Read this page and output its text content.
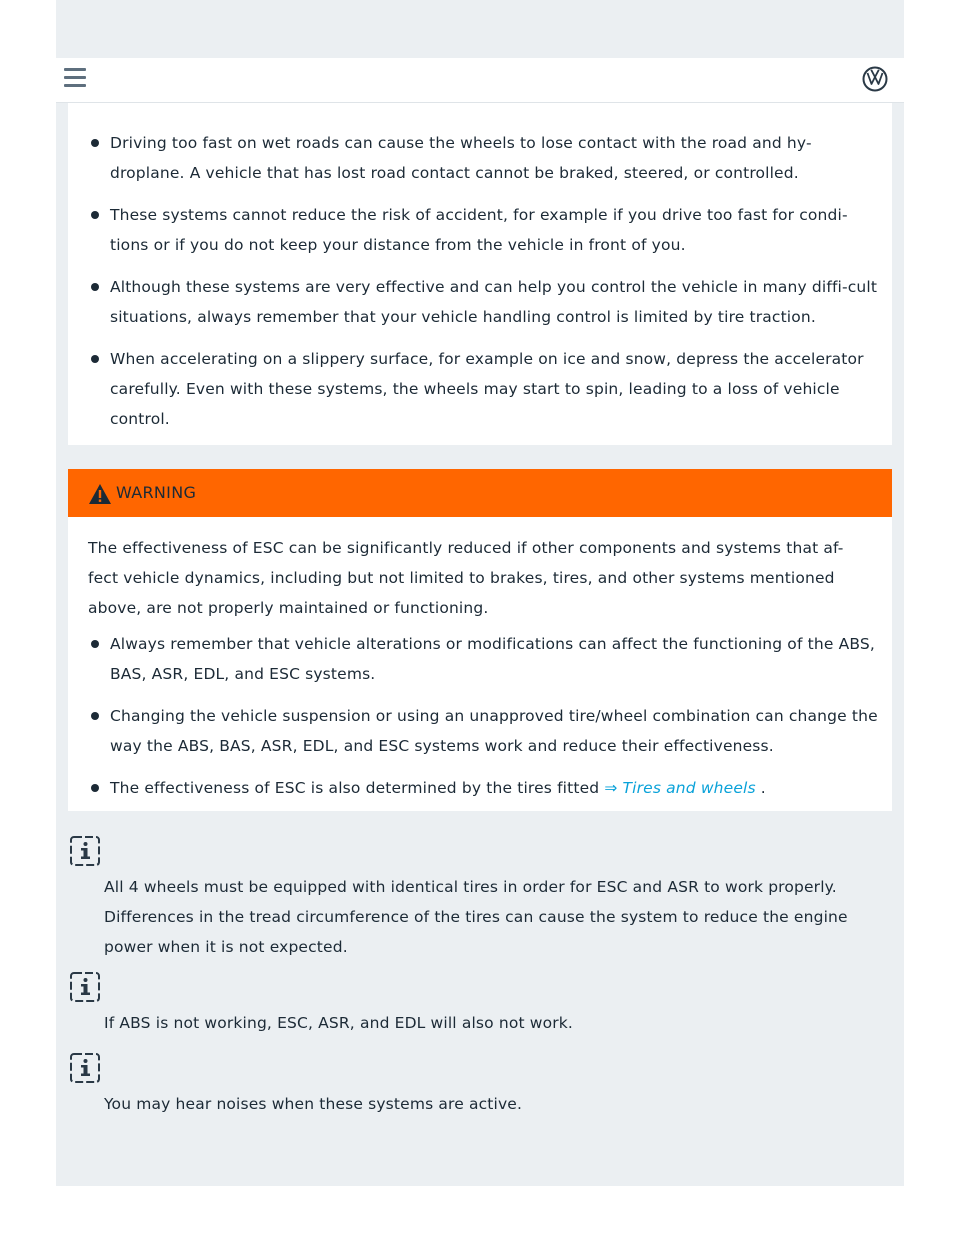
Driving too fast on wet roads can cause the wheels to lose contact with the road and hy-droplane. A vehicle that has lost road contact cannot be braked, steered, or controlled.
These systems cannot reduce the risk of accident, for example if you drive too fast for condi-tions or if you do not keep your distance from the vehicle in front of you.
Although these systems are very effective and can help you control the vehicle in many diffi-cult situations, always remember that your vehicle handling control is limited by tire traction.
When accelerating on a slippery surface, for example on ice and snow, depress the accelerator carefully. Even with these systems, the wheels may start to spin, leading to a loss of vehicle control.
WARNING
The effectiveness of ESC can be significantly reduced if other components and systems that af-fect vehicle dynamics, including but not limited to brakes, tires, and other systems mentioned above, are not properly maintained or functioning.
Always remember that vehicle alterations or modifications can affect the functioning of the ABS, BAS, ASR, EDL, and ESC systems.
Changing the vehicle suspension or using an unapproved tire/wheel combination can change the way the ABS, BAS, ASR, EDL, and ESC systems work and reduce their effectiveness.
The effectiveness of ESC is also determined by the tires fitted ⇒ Tires and wheels .
All 4 wheels must be equipped with identical tires in order for ESC and ASR to work properly. Differences in the tread circumference of the tires can cause the system to reduce the engine power when it is not expected.
If ABS is not working, ESC, ASR, and EDL will also not work.
You may hear noises when these systems are active.
